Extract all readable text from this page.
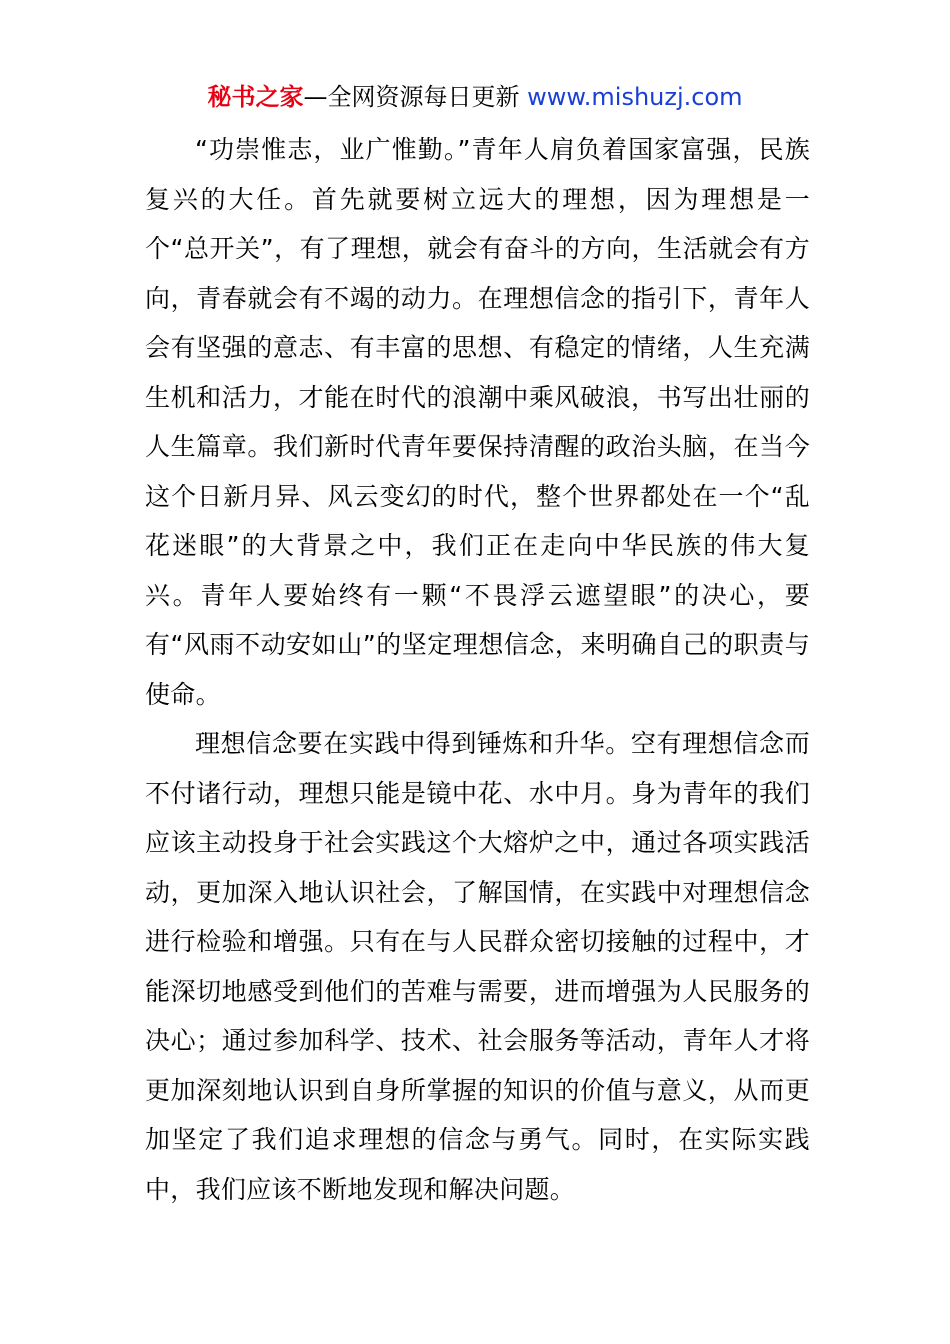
秘书之家—全网资源每日更新 www.mishuzj.com

“功崇惟志，业广惟勤。”青年人肩负着国家富强，民族复兴的大任。首先就要树立远大的理想，因为理想是一个“总开关”，有了理想，就会有奋斗的方向，生活就会有方向，青春就会有不竭的动力。在理想信念的指引下，青年人会有坚强的意志、有丰富的思想、有稳定的情绪，人生充满生机和活力，才能在时代的浪潮中乘风破浪，书写出壮丽的人生篇章。我们新时代青年要保持清醒的政治头脑，在当今这个日新月异、风云变幻的时代，整个世界都处在一个“乱花迷眼”的大背景之中，我们正在走向中华民族的伟大复兴。青年人要始终有一颗“不畏浮云遮望眼”的决心，要有“风雨不动安如山”的坚定理想信念，来明确自己的职责与使命。

理想信念要在实践中得到锤炼和升华。空有理想信念而不付诸行动，理想只能是镜中花、水中月。身为青年的我们应该主动投身于社会实践这个大熔炉之中，通过各项实践活动，更加深入地认识社会，了解国情，在实践中对理想信念进行检验和增强。只有在与人民群众密切接触的过程中，才能深切地感受到他们的苦难与需要，进而增强为人民服务的决心；通过参加科学、技术、社会服务等活动，青年人才将更加深刻地认识到自身所掌握的知识的价值与意义，从而更加坚定了我们追求理想的信念与勇气。同时，在实际实践中，我们应该不断地发现和解决问题。
